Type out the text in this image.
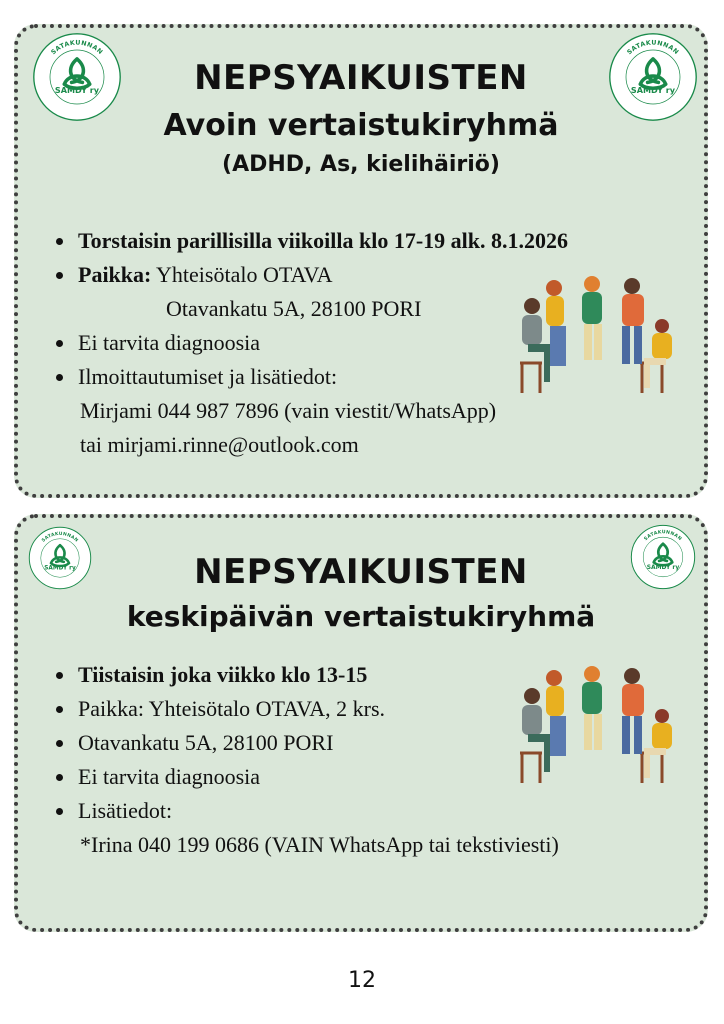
SATAKUNNAN
SAMDY ry
SATAKUNNAN
SAMDY ry
NEPSYAIKUISTEN
Avoin vertaistukiryhmä
(ADHD, As, kielihäiriö)
Torstaisin parillisilla viikoilla klo 17-19 alk. 8.1.2026
Paikka: Yhteisötalo OTAVA
Otavankatu 5A, 28100 PORI
Ei tarvita diagnoosia
Ilmoittautumiset ja lisätiedot:
Mirjami 044 987 7896 (vain viestit/WhatsApp)
tai mirjami.rinne@outlook.com
SATAKUNNAN
SAMDY ry
SATAKUNNAN
SAMDY ry
NEPSYAIKUISTEN
keskipäivän vertaistukiryhmä
Tiistaisin joka viikko klo 13-15
Paikka: Yhteisötalo OTAVA, 2 krs.
Otavankatu 5A, 28100 PORI
Ei tarvita diagnoosia
Lisätiedot:
*Irina 040 199 0686 (VAIN WhatsApp tai tekstiviesti)
12
